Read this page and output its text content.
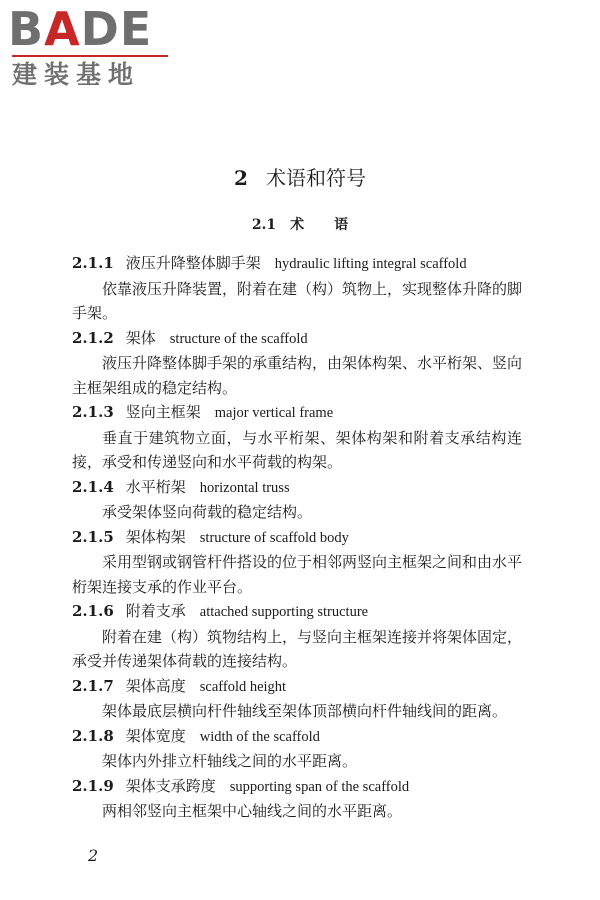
BADE
建装基地
2 术语和符号
2.1 术 语
2.1.1 液压升降整体脚手架 hydraulic lifting integral scaffold
依靠液压升降装置，附着在建（构）筑物上，实现整体升降的脚手架。
2.1.2 架体 structure of the scaffold
液压升降整体脚手架的承重结构，由架体构架、水平桁架、竖向主框架组成的稳定结构。
2.1.3 竖向主框架 major vertical frame
垂直于建筑物立面，与水平桁架、架体构架和附着支承结构连接，承受和传递竖向和水平荷载的构架。
2.1.4 水平桁架 horizontal truss
承受架体竖向荷载的稳定结构。
2.1.5 架体构架 structure of scaffold body
采用型钢或钢管杆件搭设的位于相邻两竖向主框架之间和由水平桁架连接支承的作业平台。
2.1.6 附着支承 attached supporting structure
附着在建（构）筑物结构上，与竖向主框架连接并将架体固定，承受并传递架体荷载的连接结构。
2.1.7 架体高度 scaffold height
架体最底层横向杆件轴线至架体顶部横向杆件轴线间的距离。
2.1.8 架体宽度 width of the scaffold
架体内外排立杆轴线之间的水平距离。
2.1.9 架体支承跨度 supporting span of the scaffold
两相邻竖向主框架中心轴线之间的水平距离。
2
